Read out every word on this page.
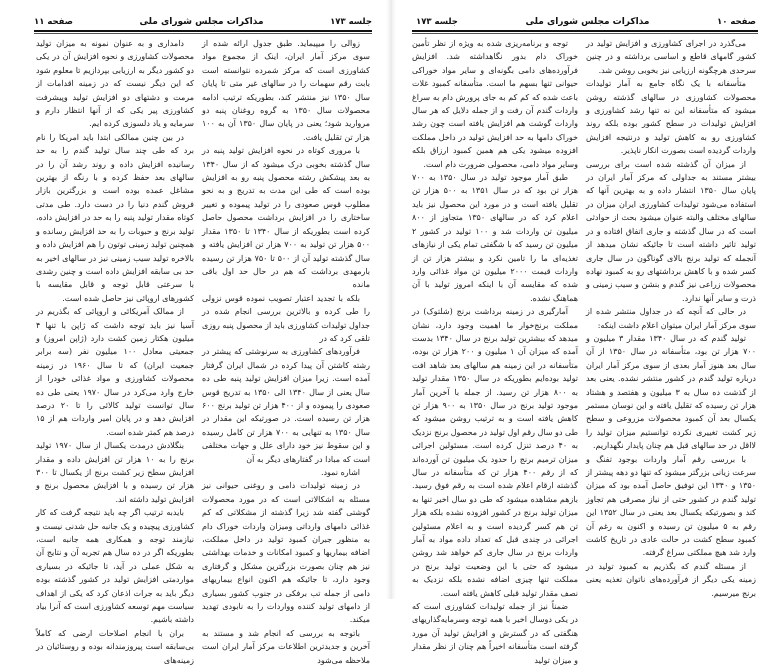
جلسه ۱۷۳
مذاکرات مجلس شورای ملی
صفحه ۱۱

زوالی را میپیماید. طبق جدول ارائه شده از سوی مرکز آمار ایران، اینک از مجموع مواد کشاورزی است که مرکز شمرده نتوانسته است بابت رقم سهمات را در سالهای غیر متی تا پایان سال ۱۳۵۰ نیز منتشر کند، بطوریکه ترتیب ادامه محصولات سال ۱۳۵۰ به گروه روغنان پنبه دو مروارید شود؛ یعنی در پایان سال ۱۳۵۰ آن به ۱۰۰ هزار تن تقلیل یافت.

با مروری کوتاه در نحوه افزایش تولید پنبه در سال گذشته بخوبی درک میشود که از سال ۱۳۴۰ به بعد پیشکش رشته محصول پنبه رو به افزایش بوده است که طی این مدت به تدریج و به نحو مطلوب قوس صعودی را در تولید پیموده و تغییر ساختاری را در افزایش برداشت محصول حاصل کرده است بطوریکه از سال ۱۳۴۰ تا ۱۳۵۰ مقدار ۵۰۰ هزار تن تولید به ۷۰۰ هزار تن افزایش یافته و سال گذشته تولید آن از ۵۰۰ تا ۷۵۰ هزار تن رسیده بارمهدی برداشت که هم در حال حد اول باقی مانده

بلکه با تجدید اعتبار تصویب نموده قوس نزولی را طی کرده و بالاترین بررسی انجام شده در جداول تولیدات کشاورزی باید از محصول پنبه روزی تلقی کرد که در

فرآوردهای کشاورزی به سرنوشتی که پیشتر در رشته کاشتن آن پیدا کرده در شمال ایران گرفتار آمده است. زیرا میزان افزایش تولید پنبه طی ده سال یعنی از سال ۱۳۴۰ الی ۱۳۵۰ به تدریج قوس صعودی را پیموده و از ۴۰۰ هزار تن تولید برنج ۶۰۰ هزار تن رسیده است. در صورتیکه این مقدار در سال ۱۳۵۰ به تنهایی به ۷۰۰ هزار تن کامل رسیده و این سقوط نیز خود دارای علل و جهات مختلفی است که مبادا در گفتارهای دیگر به آن

اشاره نمود.

در زمینه تولیدات دامی و روغنی حیوانی نیز مسئله به اشکالاتی است که در مورد محصولات گوشتی گفته شد زیرا گذشته از مشکلاتی که کم غذائی دامهای وارداتی ومیزان واردات خوراک دام به منظور جبران کمبود تولید در داخل مملکت، اضافه بیماریها و کمبود امکانات و خدمات بهداشتی نیز هم چنان بصورت بزرگترین مشکل و گرفتاری وجود دارد، تا جائیکه هم اکنون انواع بیماریهای دامی از جمله تب برفکی در جنوب کشور بسیاری از دامهای تولید کننده وواردات را به نابودی تهدید میکند.

باتوجه به بررسی که انجام شد و مستند به آخرین و جدیدترین اطلاعات مرکز آمار ایران است ملاحظه می‌شود

دامداری و به عنوان نمونه به میزان تولید محصولات کشاورزی و نحوه افزایش آن در یکی دو کشور دیگر به ارزیابی بپردازیم تا معلوم شود که این دیگر نیست که در زمینه اقدامات از مرمت و دشتهای دو افزایش تولید وپیشرفت کشاورزی پیر یکی که از آنها انتظار دارم و سرمایه و یاد دلسوزی کرده ایم.

در بین چنین ممالکی ابتدا باید امریکا را نام برد که طی چند سال تولید گندم را به حد رسانیده افزایش داده و روند رشد آن را در سالهای بعد حفظ کرده و با رنگه از بهترین مشاغل عمده بوده است و بزرگترین بازار فروش گندم دنیا را در دست دارد. طی مدتی کوتاه مقدار تولید پنبه را به حد در افزایش داده، تولید برنج و حبوبات را به حد افزایش رسانده و همچنین تولید زمینی توتون را هم افزایش داده و بالاخره تولید سیب زمینی نیز در سالهای اخیر به حد بی سابقه افزایش داده است و چنین رشدی با سرعتی قابل توجه و قابل مقایسه با کشورهای اروپائی نیز حاصل شده است.

از ممالک آمریکائی و اروپائی که بگذریم در آسیا نیز باید توجه داشت که ژاپن با تنها ۴ میلیون هکتار زمین کشت دارد (ژاپن امروز) و جمعیتی معادل ۱۰۰ میلیون نفر (سه برابر جمعیت ایران) که تا سال ۱۹۶۰ در زمینه محصولات کشاورزی و مواد غذائی خودرا از خارج وارد می‌کرد در سال ۱۹۷۰ یعنی طی ده سال توانست تولید کالائی را تا ۲۰ درصد افزایش دهد و در پایان امیر واردات هم از ۱۵ درصد هم کمتر شده است.

بنگلادش درمدت یکسال از سال ۱۹۷۰ تولید برنج را به ۱۰ هزار تن افزایش داده و مقدار افزایش سطح زیر کشت برنج از یکسال تا ۳۰۰ هزار تن رسیده و با افزایش محصول برنج و افزایش تولید داشته اند.

بایدبه ترتیب اگر چه باید نتیجه گرفت که کار کشاورزی پیچیده و یک جانبه حل شدنی نیست و نیازمند توجه و همکاری همه جانبه است، بطوریکه اگر در ده سال هم تجربه آن و نتایج آن به شکل عملی در آید، تا جائیکه در بسیاری مواردمتی افزایش تولید در کشور گذشته بوده دیگر باید به جرات اذعان کرد که یکی از اهداف سیاست مهم توسعه کشاورزی است که آنرا بیاد داشته باشیم.

بران با انجام اصلاحات ارضی که کاملاً بی‌سابقه است پیروزمندانه بوده و روستائیان در زمینه‌های

صفحه ۱۰
مذاکرات مجلس شورای ملی
جلسه ۱۷۳

می‌گذرد در اجرای کشاورزی و افزایش تولید در کشور گامهای قاطع و اساسی برداشته و در چنین سرحدی هرچگونه ارزیابی نیز بخوبی روشن شد.

متأسفانه با یک نگاه جامع به آمار تولیدات محصولات کشاورزی در سالهای گذشته روشن میشود که متأسفانه این نه تنها رشد کشاورزی و افزایش تولیدات در سطح کشور بوده بلکه روند کشاورزی رو به کاهش تولید و درنتیجه افزایش واردات گردیده است بصورت انکار ناپذیر.

از میزان آن گذشته شده است برای بررسی بیشتر مستند به جداولی که مرکز آمار ایران در پایان سال ۱۳۵۰ انتشار داده و به بهترین آنها که استفاده می‌شود تولیدات کشاورزی ایران میزان در سالهای مختلف والبته عنوان میشود بحث از حوادثی است که در سال گذشته و جاری اتفاق افتاده و در تولید تاثیر داشته است تا جائیکه نشان میدهد از آنجمله که تولید برنج بالای گوناگون در سال جاری کسر شده و با کاهش برداشتهای رو به کمبود نهاده محصولات زراعی نیز گندم و بنشن و سیب زمینی و ذرت و سایر آنها ندارد.

در حالی که آنچه که در جداول منتشر شده از سوی مرکز آمار ایران میتوان اعلام داشت اینکه:

تولید گندم که در سال ۱۳۴۰ مقدار ۳ میلیون و ۷۰۰ هزار تن بود، متأسفانه در سال ۱۳۵۰ از آن سال بعد هنوز آمار بعدی از سوی مرکز آمار ایران درباره تولید گندم در کشور منتشر نشده. یعنی بعد از گذشت ده سال به ۳ میلیون و هفتصد و هشتاد هزار تن رسیده که تقلیل یافته و این نوسان مستمر یکسال بعد آن کمبود محصولات مزروعی و سطح زیر کشت تغییری نکرده توانستیم میزان تولید را لااقل در حد سالهای قبل هم چنان پایدار نگهداریم.

با بررسی رقم آمار واردات بوجود تفنگ و سرعت زیانی بزرگتر میشود که تنها دو دهه پیشتر از ۱۳۵۰ و ۱۳۴۰ این توفیق حاصل آمده بود که میزان تولید گندم در کشور حتی از نیاز مصرفی هم تجاوز کند و بصورتیکه یکسال بعد یعنی در سال ۱۳۵۲ این رقم به ۵ میلیون تن رسیده و اکنون به رغم آن کمبود سطح کشت در حالت عادی در تاریخ کاشت وارد شد هیچ مملکتی سراغ گرفته.

از مسئله گندم که بگذریم به کمبود تولید در زمینه یکی دیگر از فرآورده‌های ناتوان تغذیه یعنی برنج میرسیم.

توجه و برنامه‌ریزی شده به ویژه از نظر تأمین خوراک دام بدور نگاهداشته شد. افزایش فرآورده‌های دامی بگونه‌ای و سایر مواد خوراکی حیوانی تنها بسهم ما است. متأسفانه کمبود غلات باعث شده که کم کم به جای پرورش دام به سراغ واردات گندم آن رفت و از جمله دلایل که هر سال واردات گوشت هم افزایش یافته است چون رشد خوراک دامها به حد افزایش تولید در داخل مملکت افزوده میشود یکی هم همین کمبود ارزاق بلکه وسایر مواد دامی، محصولی ضرورت دام است.

طبق آمار موجود تولید در سال ۱۳۵۰ به ۷۰۰ هزار تن بود که در سال ۱۳۵۱ به ۵۰۰ هزار تن تقلیل یافته است و در مورد این محصول نیز باید اعلام کرد که در سالهای ۱۳۵۰ متجاوز از ۸۰۰ میلیون تن واردات شد و ۱۰۰ تولید در کشور ۲ میلیون تن رسید که با شگفتی تمام یکی از نیازهای تغذیه‌ای ما را تامین نکرد و بیشتر هزار تن از واردات قیمت ۲۰۰۰ میلیون تن مواد غذائی وارد شده که مقایسه آن با اینکه امروز تولید با آن هماهنگ نشده.

آمارگیری در زمینه برداشت برنج (شلتوک) در مملکت برنج‌خوار ما اهمیت وجود دارد، نشان میدهد که بیشترین تولید برنج در سال ۱۳۴۰ بدست آمده که میزان آن ۱ میلیون و ۲۰۰ هزار تن بوده، متأسفانه در این زمینه هم سالهای بعد شاهد افت تولید بوده‌ایم بطوریکه در سال ۱۳۵۰ مقدار تولید به ۸۰۰ هزار تن رسید. از جمله با آخرین آمار موجود تولید برنج در سال ۱۳۵۰ به ۹۰۰ هزار تن کاهش یافته است و به ترتیب روشن میشود که طی دو سال رقم اول تولید در محصول برنج نزدیک به ۴۰ درصد تنزل کرده است. مسئولین اجرائی میزان ترمیم برنج را حدود یک میلیون تن آورده‌اند که از رقم ۴۰۰ هزار تن که متأسفانه در سال گذشته ارقام اعلام شده است به رقم فوق رسید. بازهم مشاهده میشود که طی دو سال اخیر تنها به میزان تولید برنج در کشور افزوده نشده بلکه هزار تن هم کسر گردیده است و به اعلام مسئولین اجرائی در چندی قبل که تعداد داده مواد به آمار واردات برنج در سال جاری کم خواهد شد روشن میشود که حتی با این وضعیت تولید برنج در مملکت تنها چیزی اضافه نشده بلکه نزدیک به نصف مقدار تولید قبلی کاهش یافته است.

ضمناً نیز از جمله تولیدات کشاورزی است که در یکی دوسال اخیر با همه توجه وسرمایه‌گذاریهای هنگفتی که در گسترش و افزایش تولید آن مورد گرفته است متأسفانه اخیراً هم چنان از نظر مقدار و میزان تولید
